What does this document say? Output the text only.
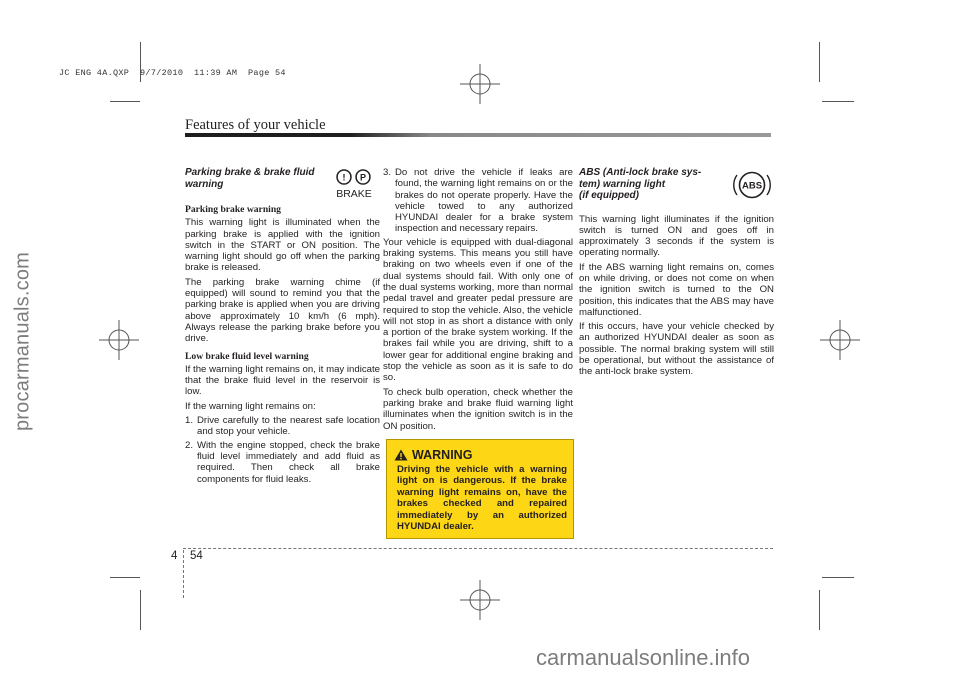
JC ENG 4A.QXP  9/7/2010  11:39 AM  Page 54
procarmanuals.com
Features of your vehicle
Parking brake & brake fluid
warning
Parking brake warning

This warning light is illuminated when the parking brake is applied with the ignition switch in the START or ON position. The warning light should go off when the parking brake is released.

The parking brake warning chime (if equipped) will sound to remind you that the parking brake is applied when you are driving above approximately 10 km/h (6 mph). Always release the parking brake before you drive.

Low brake fluid level warning

If the warning light remains on, it may indicate that the brake fluid level in the reservoir is low.

If the warning light remains on:

1. Drive carefully to the nearest safe location and stop your vehicle.
2. With the engine stopped, check the brake fluid level immediately and add fluid as required. Then check all brake components for fluid leaks.
! P
BRAKE
3. Do not drive the vehicle if leaks are found, the warning light remains on or the brakes do not operate properly. Have the vehicle towed to any authorized HYUNDAI dealer for a brake system inspection and necessary repairs.

Your vehicle is equipped with dual-diagonal braking systems. This means you still have braking on two wheels even if one of the dual systems should fail. With only one of the dual systems working, more than normal pedal travel and greater pedal pressure are required to stop the vehicle. Also, the vehicle will not stop in as short a distance with only a portion of the brake system working. If the brakes fail while you are driving, shift to a lower gear for additional engine braking and stop the vehicle as soon as it is safe to do so.

To check bulb operation, check whether the parking brake and brake fluid warning light illuminates when the ignition switch is in the ON position.

WARNING
Driving the vehicle with a warning light on is dangerous. If the brake warning light remains on, have the brakes checked and repaired immediately by an authorized HYUNDAI dealer.
ABS (Anti-lock brake sys-
tem) warning light
(if equipped)

This warning light illuminates if the ignition switch is turned ON and goes off in approximately 3 seconds if the system is operating normally.

If the ABS warning light remains on, comes on while driving, or does not come on when the ignition switch is turned to the ON position, this indicates that the ABS may have malfunctioned.

If this occurs, have your vehicle checked by an authorized HYUNDAI dealer as soon as possible. The normal braking system will still be operational, but without the assistance of the anti-lock brake system.

ABS
4 54
carmanualsonline.info
